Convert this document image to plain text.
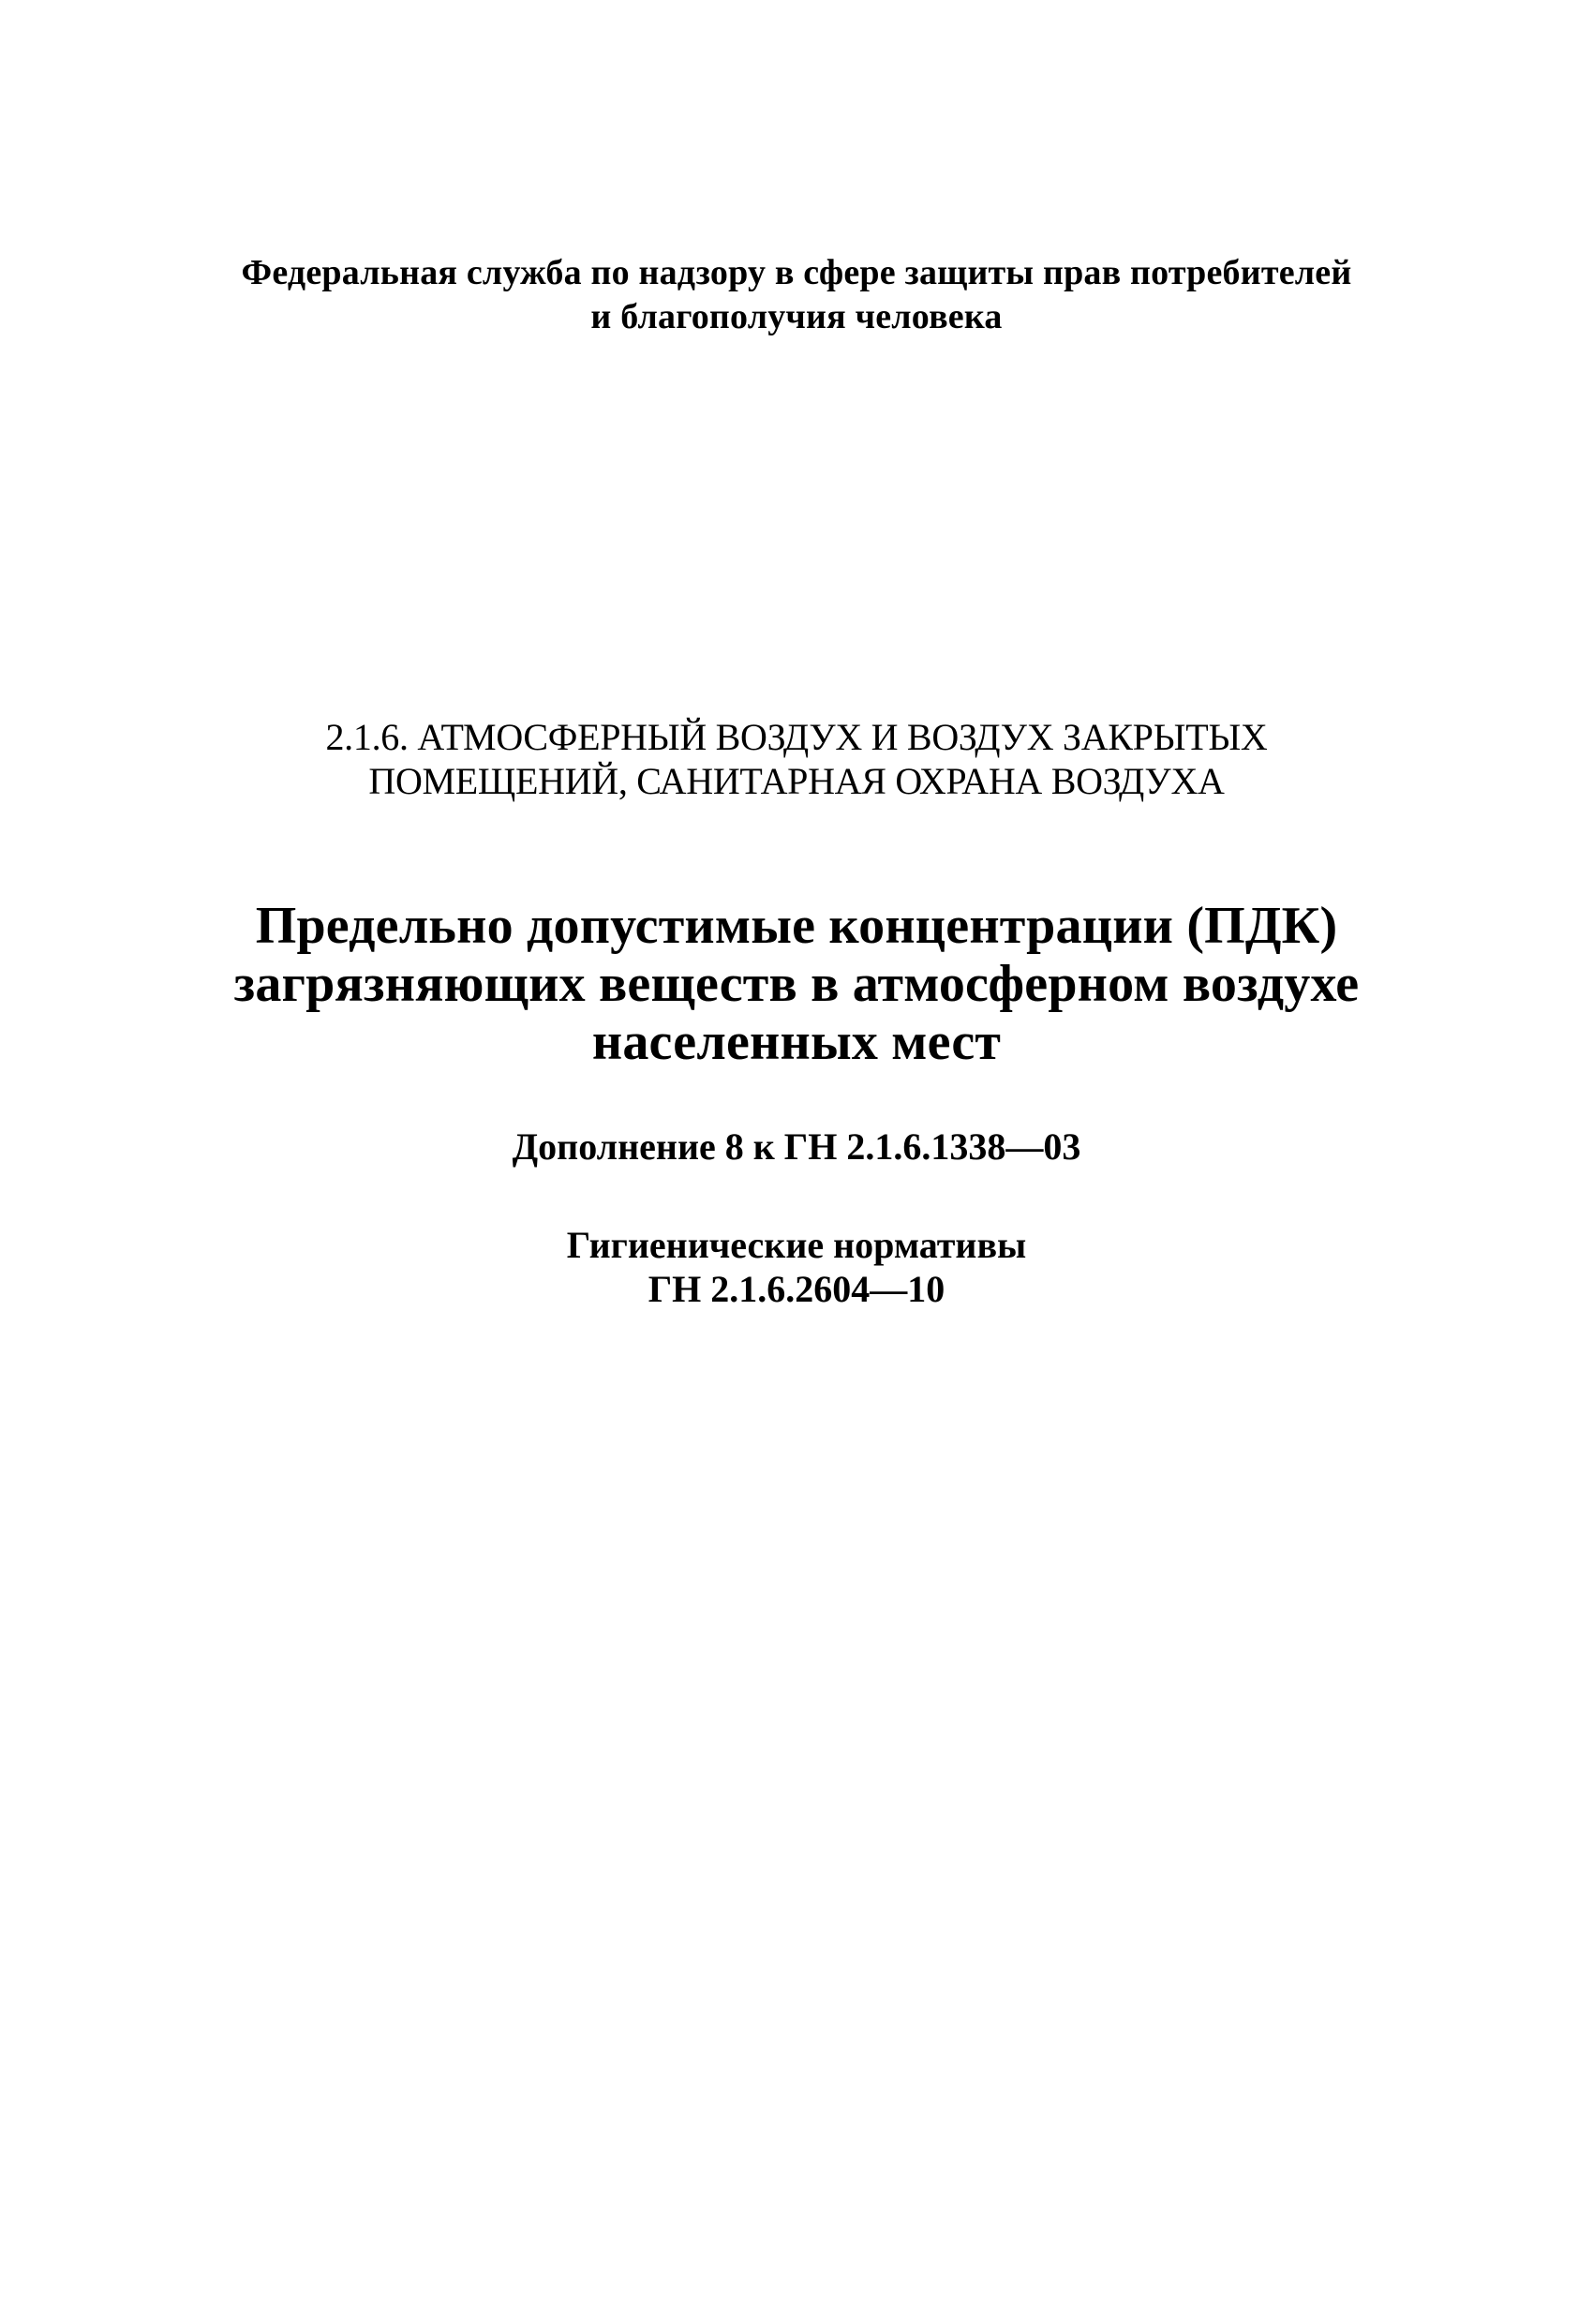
Федеральная служба по надзору в сфере защиты прав потребителей
и благополучия человека
2.1.6. АТМОСФЕРНЫЙ ВОЗДУХ И ВОЗДУХ ЗАКРЫТЫХ
ПОМЕЩЕНИЙ, САНИТАРНАЯ ОХРАНА ВОЗДУХА
Предельно допустимые концентрации (ПДК)
загрязняющих веществ в атмосферном воздухе
населенных мест
Дополнение 8 к ГН 2.1.6.1338—03
Гигиенические нормативы
ГН 2.1.6.2604—10
